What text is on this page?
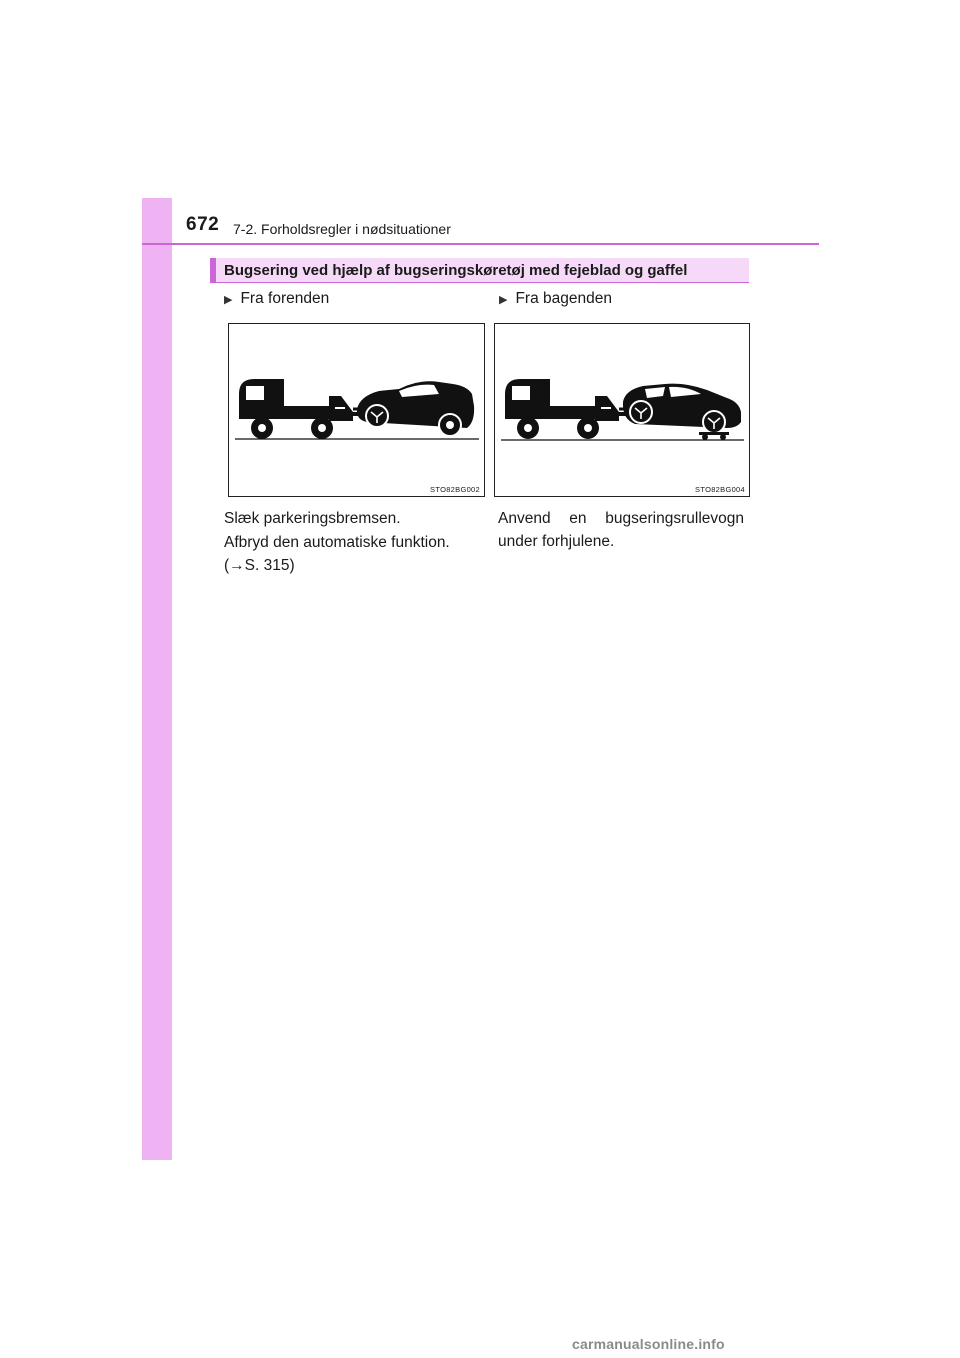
672 7-2. Forholdsregler i nødsituationer
Bugsering ved hjælp af bugseringskøretøj med fejeblad og gaffel
▶ Fra forenden
STO82BG002
Slæk parkeringsbremsen.
Afbryd den automatiske funktion.
(→S. 315)
▶ Fra bagenden
STO82BG004
Anvend en bugseringsrullevogn under forhjulene.
carmanualsonline.info
